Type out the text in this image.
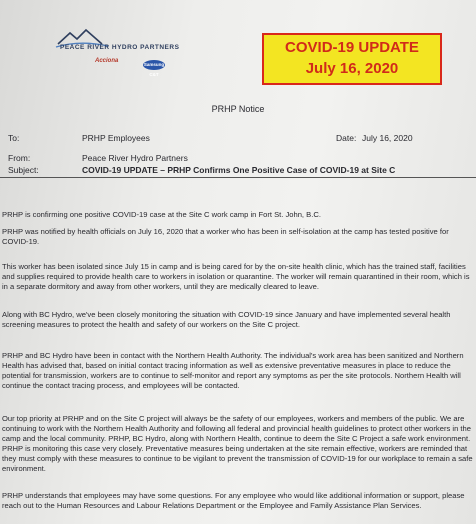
PEACE RIVER HYDRO PARTNERS
Acciona
Samsung C&T
COVID-19 UPDATE
July 16, 2020
PRHP Notice
To:	PRHP Employees	Date: July 16, 2020
From:	Peace River Hydro Partners
Subject:	COVID-19 UPDATE – PRHP Confirms One Positive Case of COVID-19 at Site C

PRHP is confirming one positive COVID-19 case at the Site C work camp in Fort St. John, B.C.

PRHP was notified by health officials on July 16, 2020 that a worker who has been in self-isolation at the camp has tested positive for COVID-19.

This worker has been isolated since July 15 in camp and is being cared for by the on-site health clinic, which has the trained staff, facilities and supplies required to provide health care to workers in isolation or quarantine. The worker will remain quarantined in their room, which is in a separate dormitory and away from other workers, until they are medically cleared to leave.

Along with BC Hydro, we've been closely monitoring the situation with COVID-19 since January and have implemented several health screening measures to protect the health and safety of our workers on the Site C project.

PRHP and BC Hydro have been in contact with the Northern Health Authority. The individual's work area has been sanitized and Northern Health has advised that, based on initial contact tracing information as well as extensive preventative measures in place to reduce the potential for transmission, workers are to continue to self-monitor and report any symptoms as per the site protocols. Northern Health will continue the contact tracing process, and employees will be contacted.

Our top priority at PRHP and on the Site C project will always be the safety of our employees, workers and members of the public. We are continuing to work with the Northern Health Authority and following all federal and provincial health guidelines to protect other workers in the camp and the local community. PRHP, BC Hydro, along with Northern Health, continue to deem the Site C Project a safe work environment. PRHP is monitoring this case very closely. Preventative measures being undertaken at the site remain effective, workers are reminded that they must comply with these measures to continue to be vigilant to prevent the transmission of COVID-19 for our workplace to remain a safe environment.

PRHP understands that employees may have some questions. For any employee who would like additional information or support, please reach out to the Human Resources and Labour Relations Department or the Employee and Family Assistance Plan Services.
